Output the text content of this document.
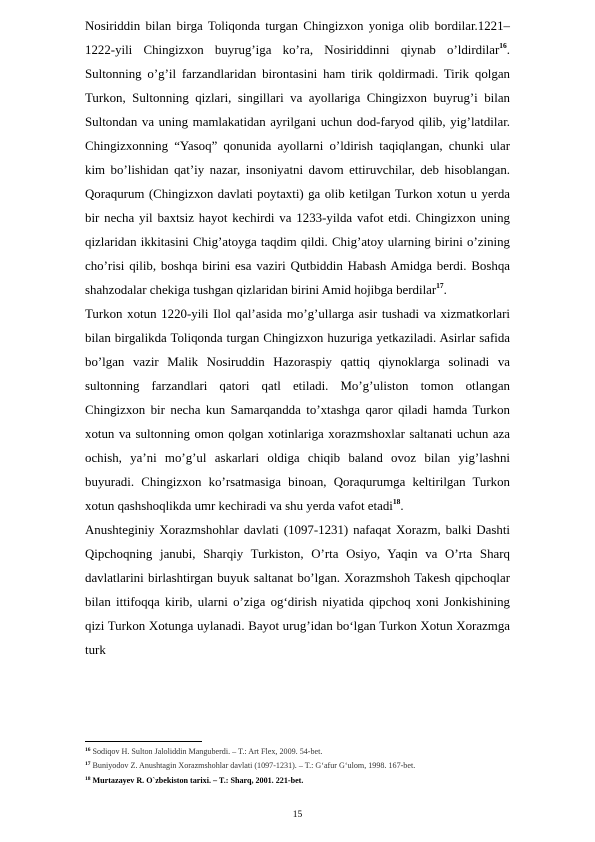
Nosiriddin bilan birga Toliqonda turgan Chingizxon yoniga olib bordilar.1221–1222-yili Chingizxon buyrug’iga ko’ra, Nosiriddinni qiynab o’ldirdilar$^{16}$. Sultonning o’g’il farzandlaridan birontasini ham tirik qoldirmadi. Tirik qolgan Turkon, Sultonning qizlari, singillari va ayollariga Chingizxon buyrug’i bilan Sultondan va uning mamlakatidan ayrilgani uchun dod-faryod qilib, yig’latdilar. Chingizxonning “Yasoq” qonunida ayollarni o’ldirish taqiqlangan, chunki ular kim bo’lishidan qat’iy nazar, insoniyatni davom ettiruvchilar, deb hisoblangan. Qoraqurum (Chingizxon davlati poytaxti) ga olib ketilgan Turkon xotun u yerda bir necha yil baxtsiz hayot kechirdi va 1233-yilda vafot etdi. Chingizxon uning qizlaridan ikkitasini Chig’atoyga taqdim qildi. Chig’atoy ularning birini o’zining cho’risi qilib, boshqa birini esa vaziri Qutbiddin Habash Amidga berdi. Boshqa shahzodalar chekiga tushgan qizlaridan birini Amid hojibga berdilar$^{17}$.

Turkon xotun 1220-yili Ilol qal’asida mo’g’ullarga asir tushadi va xizmatkorlari bilan birgalikda Toliqonda turgan Chingizxon huzuriga yetkaziladi. Asirlar safida bo’lgan vazir Malik Nosiruddin Hazoraspiy qattiq qiynoklarga solinadi va sultonning farzandlari qatori qatl etiladi. Mo’g’uliston tomon otlangan Chingizxon bir necha kun Samarqandda to’xtashga qaror qiladi hamda Turkon xotun va sultonning omon qolgan xotinlariga xorazmshoxlar saltanati uchun aza ochish, ya’ni mo’g’ul askarlari oldiga chiqib baland ovoz bilan yig’lashni buyuradi. Chingizxon ko’rsatmasiga binoan, Qoraqurumga keltirilgan Turkon xotun qashshoqlikda umr kechiradi va shu yerda vafot etadi$^{18}$.

Anushteginiy Xorazmshohlar davlati (1097-1231) nafaqat Xorazm, balki Dashti Qipchoqning janubi, Sharqiy Turkiston, O’rta Osiyo, Yaqin va O’rta Sharq davlatlarini birlashtirgan buyuk saltanat bo’lgan. Xorazmshoh Takesh qipchoqlar bilan ittifoqqa kirib, ularni o’ziga og‘dirish niyatida qipchoq xoni Jonkishining qizi Turkon Xotunga uylanadi. Bayot urug’idan bo‘lgan Turkon Xotun Xorazmga turk

$^{16}$ Sodiqov H. Sulton Jaloliddin Manguberdi. – T.: Art Flex, 2009. 54-bet.
$^{17}$ Buniyodov Z. Anushtagin Xorazmshohlar davlati (1097-1231). – T.: G‘afur G‘ulom, 1998. 167-bet.
$^{18}$ Murtazayev R. O`zbekiston tarixi. – T.: Sharq, 2001. 221-bet.
15
